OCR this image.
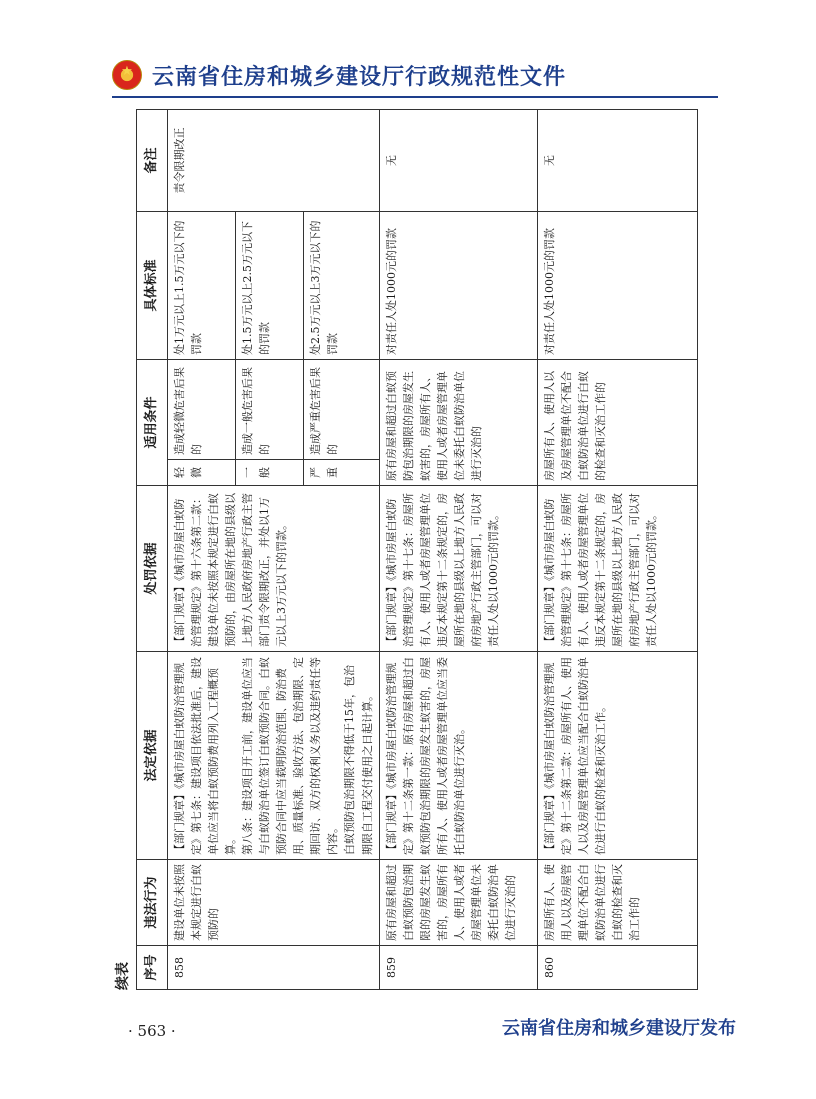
★
云南省住房和城乡建设厅行政规范性文件
续表 序号	违法行为	法定依据	处罚依据	适用条件		具体标准	备注
858	建设单位未按照本规定进行白蚁预防的	【部门规章】《城市房屋白蚁防治管理规定》第七条：建设项目依法批准后，建设单位应当将白蚁预防费用列入工程概预算。 第八条：建设项目开工前，建设单位应当与白蚁防治单位签订白蚁预防合同。白蚁预防合同中应当载明防治范围、防治费用、质量标准、验收方法、包治期限、定期回访、双方的权利义务以及违约责任等内容。 白蚁预防包治期限不得低于15年，包治期限自工程交付使用之日起计算。	【部门规章】《城市房屋白蚁防治管理规定》第十六条第二款：建设单位未按照本规定进行白蚁预防的，由房屋所在地的县级以上地方人民政府房地产行政主管部门责令限期改正，并处以1万元以上3万元以下的罚款。	轻微	造成轻微危害后果的	处1万元以上1.5万元以下的罚款	责令限期改正
				一般	造成一般危害后果的	处1.5万元以上2.5万元以下的罚款	
				严重	造成严重危害后果的	处2.5万元以上3万元以下的罚款	
859	原有房屋和超过白蚁预防包治期限的房屋发生蚁害的，房屋所有人、使用人或者房屋管理单位未委托白蚁防治单位进行灭治的	【部门规章】《城市房屋白蚁防治管理规定》第十二条第一款：原有房屋和超过白蚁预防包治期限的房屋发生蚁害的，房屋所有人、使用人或者房屋管理单位应当委托白蚁防治单位进行灭治。	【部门规章】《城市房屋白蚁防治管理规定》第十七条：房屋所有人、使用人或者房屋管理单位违反本规定第十二条规定的，房屋所在地的县级以上地方人民政府房地产行政主管部门，可以对责任人处以1000元的罚款。	原有房屋和超过白蚁预防包治期限的房屋发生蚁害的，房屋所有人、使用人或者房屋管理单位未委托白蚁防治单位进行灭治的		对责任人处1000元的罚款	无
860	房屋所有人、使用人以及房屋管理单位不配合白蚁防治单位进行白蚁的检查和灭治工作的	【部门规章】《城市房屋白蚁防治管理规定》第十二条第二款：房屋所有人、使用人以及房屋管理单位应当配合白蚁防治单位进行白蚁的检查和灭治工作。	【部门规章】《城市房屋白蚁防治管理规定》第十七条：房屋所有人、使用人或者房屋管理单位违反本规定第十二条规定的，房屋所在地的县级以上地方人民政府房地产行政主管部门，可以对责任人处以1000元的罚款。	房屋所有人、使用人以及房屋管理单位不配合白蚁防治单位进行白蚁的检查和灭治工作的		对责任人处1000元的罚款	无
· 563 ·	云南省住房和城乡建设厅发布
